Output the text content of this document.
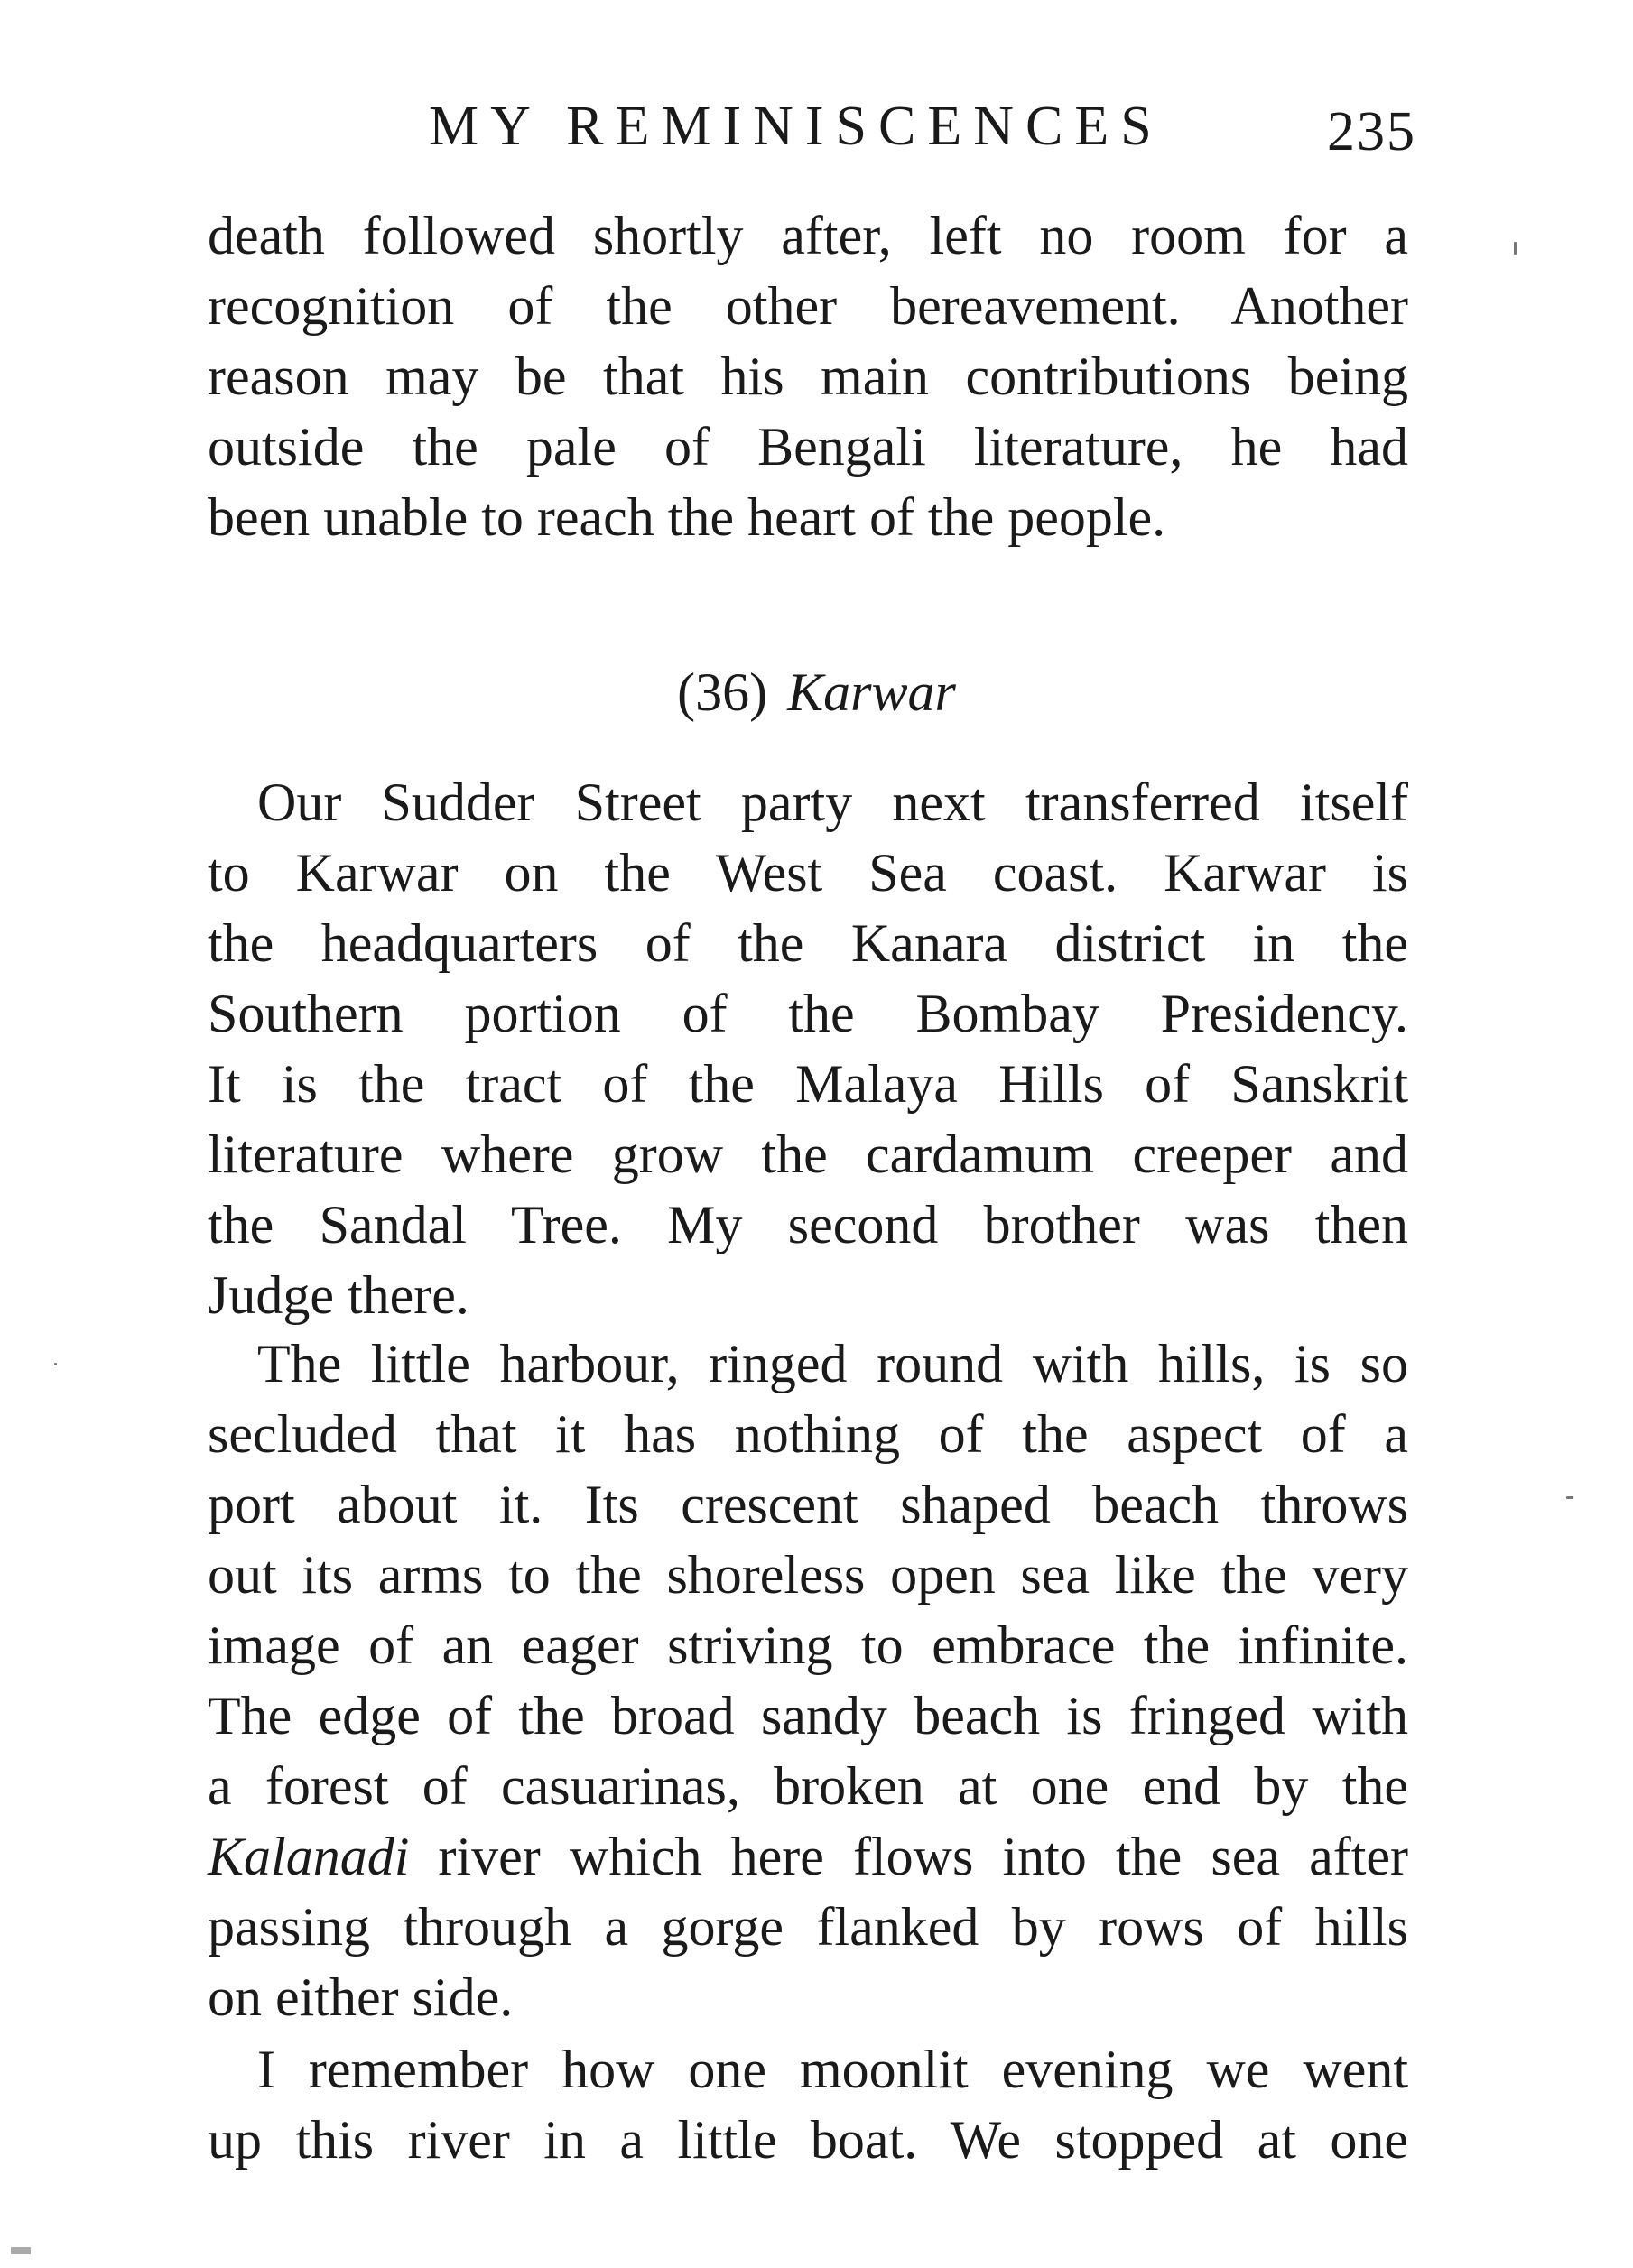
MY REMINISCENCES	235

death followed shortly after, left no room for a
recognition of the other bereavement. Another
reason may be that his main contributions being
outside the pale of Bengali literature, he had
been unable to reach the heart of the people.

(36) Karwar

Our Sudder Street party next transferred itself
to Karwar on the West Sea coast. Karwar is
the headquarters of the Kanara district in the
Southern portion of the Bombay Presidency.
It is the tract of the Malaya Hills of Sanskrit
literature where grow the cardamum creeper and
the Sandal Tree. My second brother was then
Judge there.

The little harbour, ringed round with hills, is so
secluded that it has nothing of the aspect of a
port about it. Its crescent shaped beach throws
out its arms to the shoreless open sea like the very
image of an eager striving to embrace the infinite.
The edge of the broad sandy beach is fringed with
a forest of casuarinas, broken at one end by the
Kalanadi river which here flows into the sea after
passing through a gorge flanked by rows of hills
on either side.

I remember how one moonlit evening we went
up this river in a little boat. We stopped at one
